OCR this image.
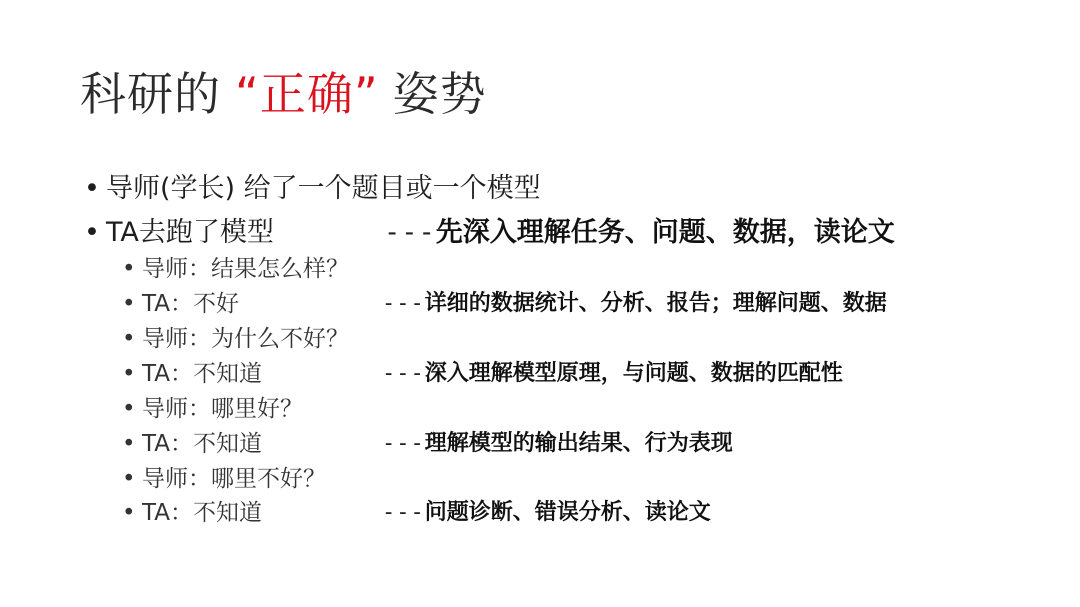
科研的 “正确” 姿势
• 导师(学长) 给了一个题目或一个模型
• TA去跑了模型	---先深入理解任务、问题、数据，读论文
• 导师：结果怎么样？
• TA：不好	---详细的数据统计、分析、报告；理解问题、数据
• 导师：为什么不好？
• TA：不知道	---深入理解模型原理，与问题、数据的匹配性
• 导师：哪里好？
• TA：不知道	---理解模型的输出结果、行为表现
• 导师：哪里不好？
• TA：不知道	---问题诊断、错误分析、读论文
